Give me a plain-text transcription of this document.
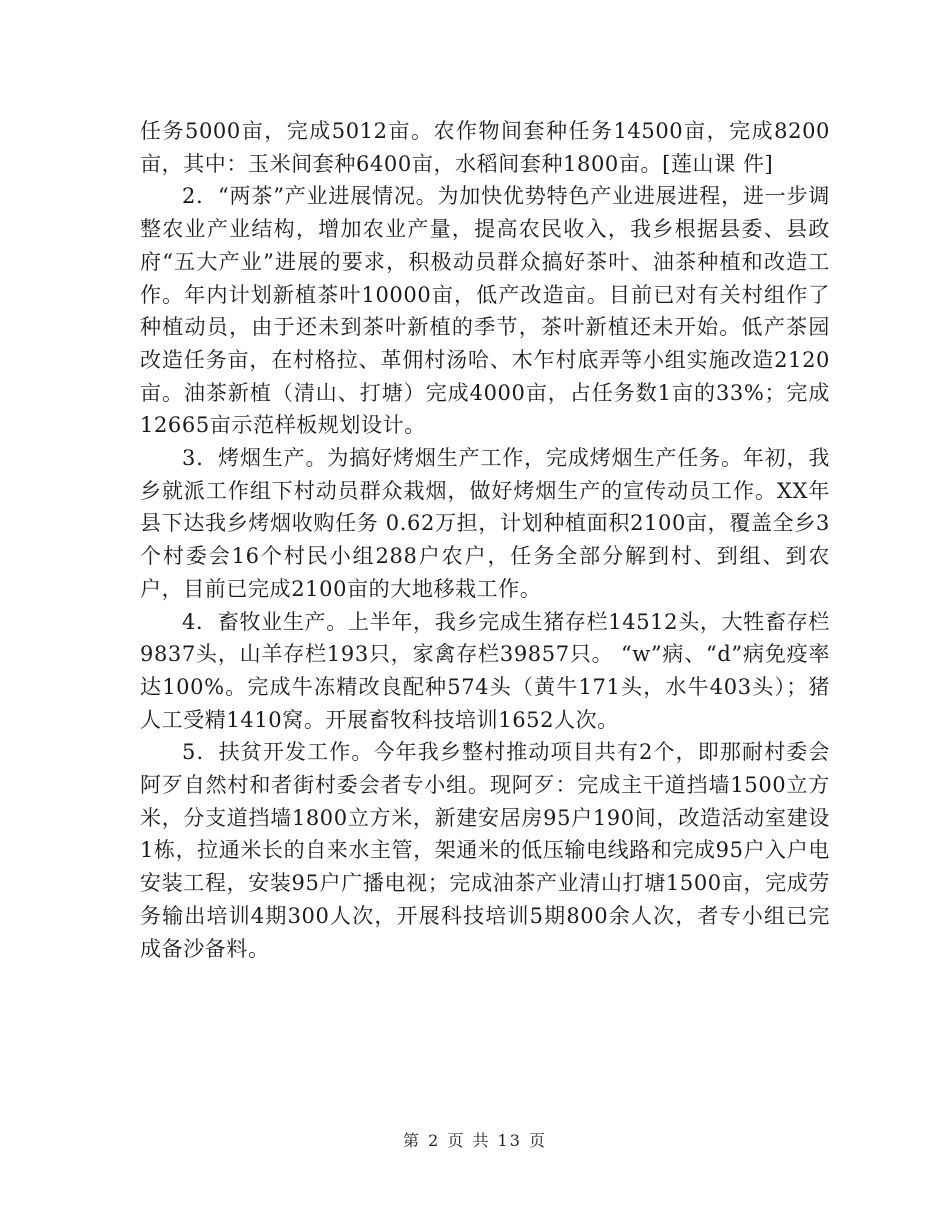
任务5000亩，完成5012亩。农作物间套种任务14500亩，完成8200亩，其中：玉米间套种6400亩，水稻间套种1800亩。[莲山课 件]

2．“两茶”产业进展情况。为加快优势特色产业进展进程，进一步调整农业产业结构，增加农业产量，提高农民收入，我乡根据县委、县政府“五大产业”进展的要求，积极动员群众搞好茶叶、油茶种植和改造工作。年内计划新植茶叶10000亩，低产改造亩。目前已对有关村组作了种植动员，由于还未到茶叶新植的季节，茶叶新植还未开始。低产茶园改造任务亩，在村格拉、革佣村汤哈、木乍村底弄等小组实施改造2120亩。油茶新植（清山、打塘）完成4000亩，占任务数1亩的33%；完成12665亩示范样板规划设计。

3．烤烟生产。为搞好烤烟生产工作，完成烤烟生产任务。年初，我乡就派工作组下村动员群众栽烟，做好烤烟生产的宣传动员工作。XX年县下达我乡烤烟收购任务 0.62万担，计划种植面积2100亩，覆盖全乡3个村委会16个村民小组288户农户，任务全部分解到村、到组、到农户，目前已完成2100亩的大地移栽工作。

4．畜牧业生产。上半年，我乡完成生猪存栏14512头，大牲畜存栏9837头，山羊存栏193只，家禽存栏39857只。 “w”病、“d”病免疫率达100%。完成牛冻精改良配种574头（黄牛171头，水牛403头）；猪人工受精1410窝。开展畜牧科技培训1652人次。

5．扶贫开发工作。今年我乡整村推动项目共有2个，即那耐村委会阿歹自然村和者街村委会者专小组。现阿歹：完成主干道挡墙1500立方米，分支道挡墙1800立方米，新建安居房95户190间，改造活动室建设1栋，拉通米长的自来水主管，架通米的低压输电线路和完成95户入户电安装工程，安装95户广播电视；完成油茶产业清山打塘1500亩，完成劳务输出培训4期300人次，开展科技培训5期800余人次，者专小组已完成备沙备料。

第 2 页 共 13 页
